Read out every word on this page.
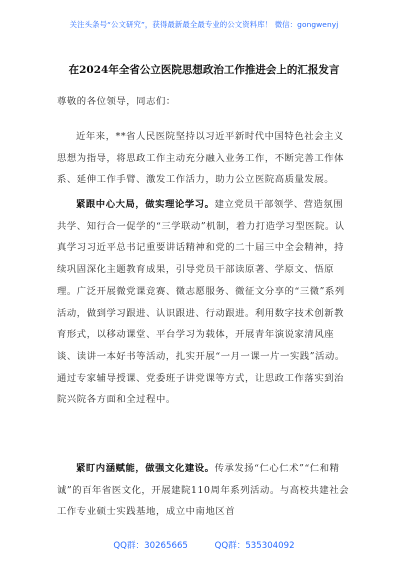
关注头条号“公文研究”，获得最新最全最专业的公文资料库！ 微信：gongwenyj
在2024年全省公立医院思想政治工作推进会上的汇报发言
尊敬的各位领导，同志们：
近年来，**省人民医院坚持以习近平新时代中国特色社会主义思想为指导，将思政工作主动充分融入业务工作，不断完善工作体系、延伸工作手臂、激发工作活力，助力公立医院高质量发展。
紧跟中心大局，做实理论学习。建立党员干部领学、营造氛围共学、知行合一促学的“三学联动”机制，着力打造学习型医院。认真学习习近平总书记重要讲话精神和党的二十届三中全会精神，持续巩固深化主题教育成果，引导党员干部读原著、学原文、悟原理。广泛开展微党课竞赛、微志愿服务、微征文分享的“三微”系列活动，做到学习跟进、认识跟进、行动跟进。利用数字技术创新教育形式，以移动课堂、平台学习为载体，开展青年演说家清风座谈、读讲一本好书等活动，扎实开展“一月一课一片一实践”活动。通过专家辅导授课、党委班子讲党课等方式，让思政工作落实到治院兴院各方面和全过程中。
紧盯内涵赋能，做强文化建设。传承发扬“仁心仁术”“仁和精诚”的百年省医文化，开展建院110周年系列活动。与高校共建社会工作专业硕士实践基地，成立中南地区首
QQ群：30265665	QQ群：535304092
